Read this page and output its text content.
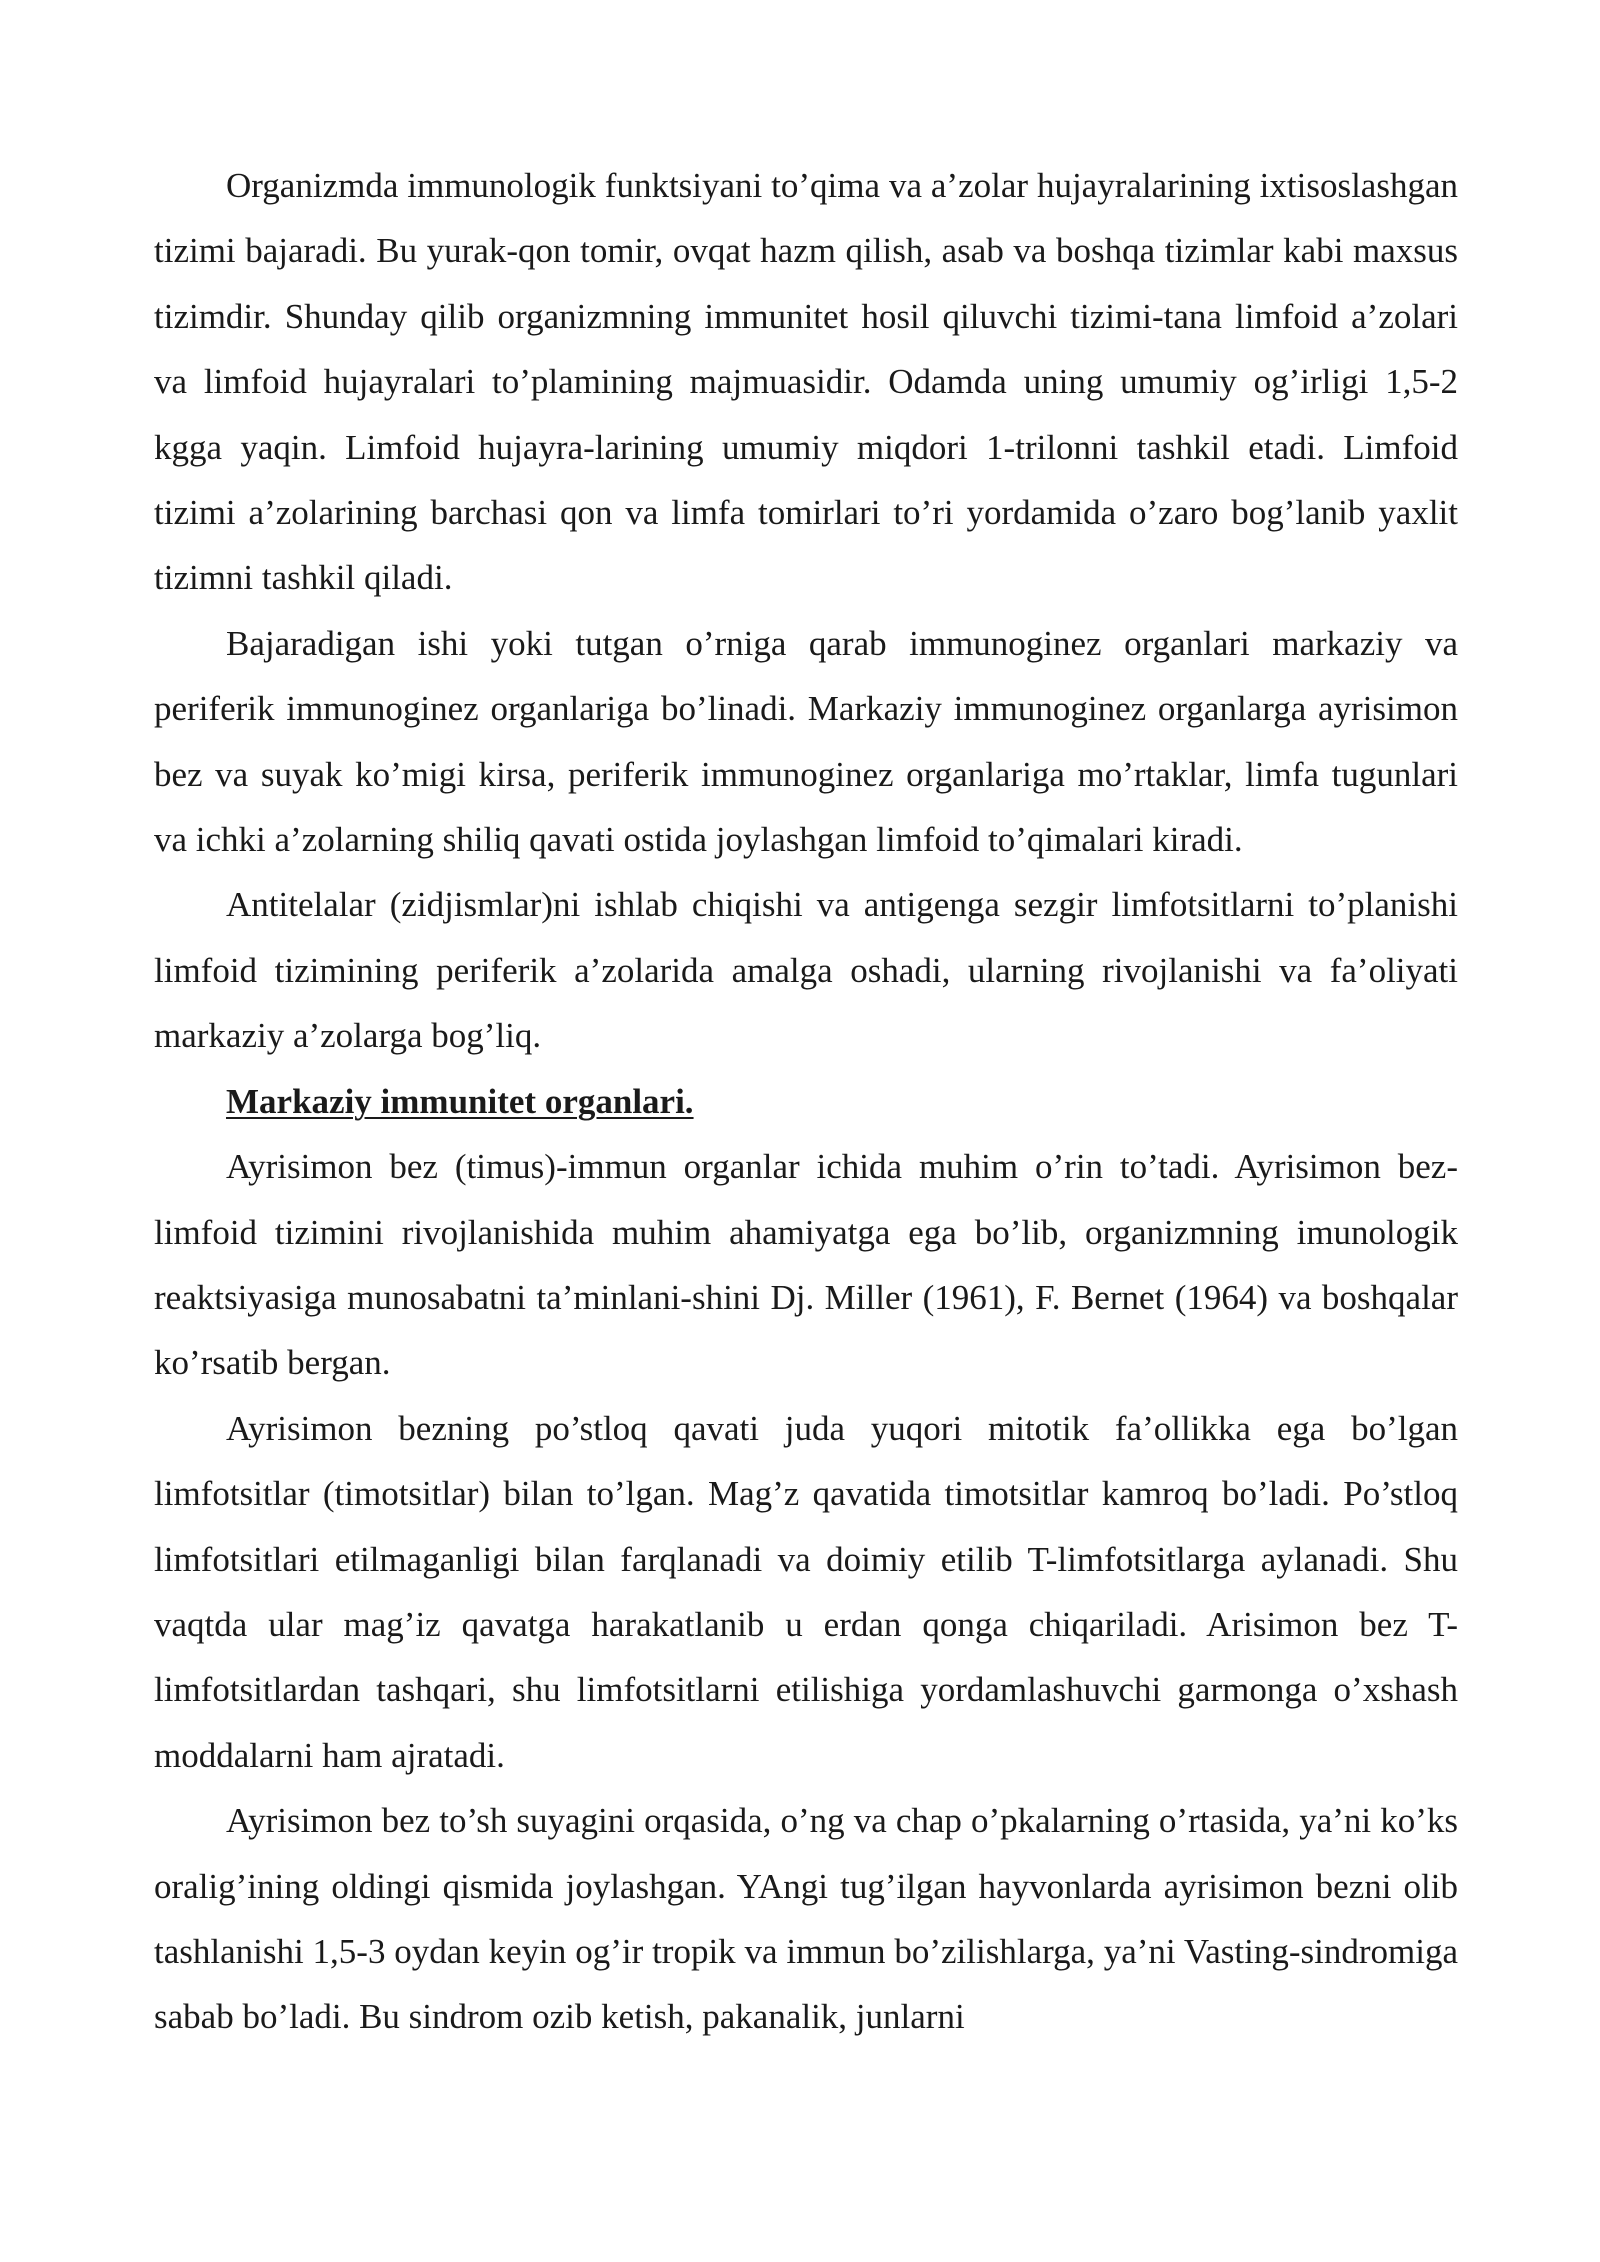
Organizmda immunologik funktsiyani to’qima va a’zolar hujayralarining ixtisoslashgan tizimi bajaradi. Bu yurak-qon tomir, ovqat hazm qilish, asab va boshqa tizimlar kabi maxsus tizimdir. Shunday qilib organizmning immunitet hosil qiluvchi tizimi-tana limfoid a’zolari va limfoid hujayralari to’plamining majmuasidir. Odamda uning umumiy og’irligi 1,5-2 kgga yaqin. Limfoid hujayra-larining umumiy miqdori 1-trilonni tashkil etadi. Limfoid tizimi a’zolarining barchasi qon va limfa tomirlari to’ri yordamida o’zaro bog’lanib yaxlit tizimni tashkil qiladi.

Bajaradigan ishi yoki tutgan o’rniga qarab immunoginez organlari markaziy va periferik immunoginez organlariga bo’linadi. Markaziy immunoginez organlarga ayrisimon bez va suyak ko’migi kirsa, periferik immunoginez organlariga mo’rtaklar, limfa tugunlari va ichki a’zolarning shiliq qavati ostida joylashgan limfoid to’qimalari kiradi.

Antitelalar (zidjismlar)ni ishlab chiqishi va antigenga sezgir limfotsitlarni to’planishi limfoid tizimining periferik a’zolarida amalga oshadi, ularning rivojlanishi va fa’oliyati markaziy a’zolarga bog’liq.

Markaziy immunitet organlari.

Ayrisimon bez (timus)-immun organlar ichida muhim o’rin to’tadi. Ayrisimon bez- limfoid tizimini rivojlanishida muhim ahamiyatga ega bo’lib, organizmning imunologik reaktsiyasiga munosabatni ta’minlani-shini Dj. Miller (1961), F. Bernet (1964) va boshqalar ko’rsatib bergan.

Ayrisimon bezning po’stloq qavati juda yuqori mitotik fa’ollikka ega bo’lgan limfotsitlar (timotsitlar) bilan to’lgan. Mag’z qavatida timotsitlar kamroq bo’ladi. Po’stloq limfotsitlari etilmaganligi bilan farqlanadi va doimiy etilib T-limfotsitlarga aylanadi. Shu vaqtda ular mag’iz qavatga harakatlanib u erdan qonga chiqariladi. Arisimon bez T-limfotsitlardan tashqari, shu limfotsitlarni etilishiga yordamlashuvchi garmonga o’xshash moddalarni ham ajratadi.

Ayrisimon bez to’sh suyagini orqasida, o’ng va chap o’pkalarning o’rtasida, ya’ni ko’ks oralig’ining oldingi qismida joylashgan. YAngi tug’ilgan hayvonlarda ayrisimon bezni olib tashlanishi 1,5-3 oydan keyin og’ir tropik va immun bo’zilishlarga, ya’ni Vasting-sindromiga sabab bo’ladi. Bu sindrom ozib ketish, pakanalik, junlarni
